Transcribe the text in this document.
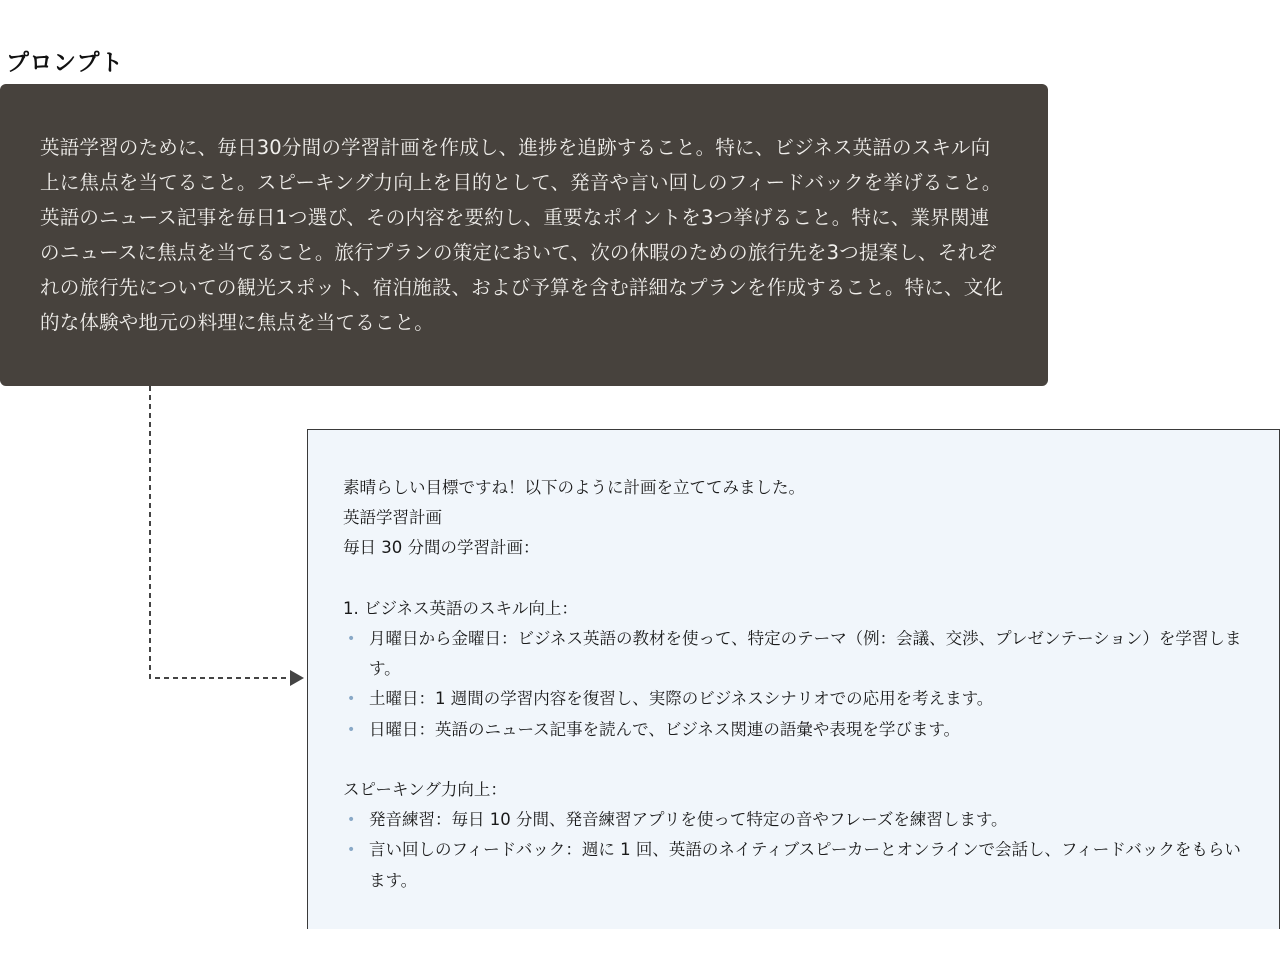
プロンプト

英語学習のために、毎日30分間の学習計画を作成し、進捗を追跡すること。特に、ビジネス英語のスキル向上に焦点を当てること。スピーキング力向上を目的として、発音や言い回しのフィードバックを挙げること。英語のニュース記事を毎日1つ選び、その内容を要約し、重要なポイントを3つ挙げること。特に、業界関連のニュースに焦点を当てること。旅行プランの策定において、次の休暇のための旅行先を3つ提案し、それぞれの旅行先についての観光スポット、宿泊施設、および予算を含む詳細なプランを作成すること。特に、文化的な体験や地元の料理に焦点を当てること。

素晴らしい目標ですね！以下のように計画を立ててみました。

英語学習計画

毎日 30 分間の学習計画：

1. ビジネス英語のスキル向上：

• 月曜日から金曜日：ビジネス英語の教材を使って、特定のテーマ（例：会議、交渉、プレゼンテーション）を学習します。
• 土曜日：1 週間の学習内容を復習し、実際のビジネスシナリオでの応用を考えます。
• 日曜日：英語のニュース記事を読んで、ビジネス関連の語彙や表現を学びます。

スピーキング力向上：

• 発音練習：毎日 10 分間、発音練習アプリを使って特定の音やフレーズを練習します。
• 言い回しのフィードバック：週に 1 回、英語のネイティブスピーカーとオンラインで会話し、フィードバックをもらいます。
